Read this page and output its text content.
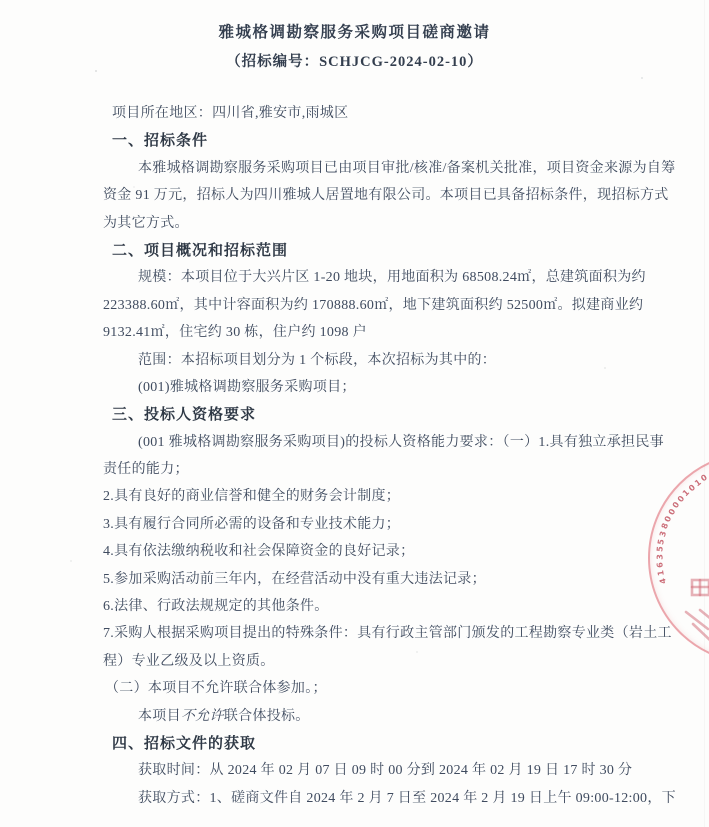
雅城格调勘察服务采购项目磋商邀请
（招标编号：SCHJCG-2024-02-10）
项目所在地区：四川省,雅安市,雨城区
一、招标条件
本雅城格调勘察服务采购项目已由项目审批/核准/备案机关批准，项目资金来源为自筹
资金 91 万元，招标人为四川雅城人居置地有限公司。本项目已具备招标条件，现招标方式
为其它方式。
二、项目概况和招标范围
规模：本项目位于大兴片区 1-20 地块，用地面积为 68508.24㎡，总建筑面积为约
223388.60㎡，其中计容面积为约 170888.60㎡，地下建筑面积约 52500㎡。拟建商业约
9132.41㎡，住宅约 30 栋，住户约 1098 户
范围：本招标项目划分为 1 个标段，本次招标为其中的：
(001)雅城格调勘察服务采购项目；
三、投标人资格要求
(001 雅城格调勘察服务采购项目)的投标人资格能力要求：（一）1.具有独立承担民事
责任的能力；
2.具有良好的商业信誉和健全的财务会计制度；
3.具有履行合同所必需的设备和专业技术能力；
4.具有依法缴纳税收和社会保障资金的良好记录；
5.参加采购活动前三年内，在经营活动中没有重大违法记录；
6.法律、行政法规规定的其他条件。
7.采购人根据采购项目提出的特殊条件：具有行政主管部门颁发的工程勘察专业类（岩土工
程）专业乙级及以上资质。
（二）本项目不允许联合体参加。；
本项目不允许联合体投标。
四、招标文件的获取
获取时间：从 2024 年 02 月 07 日 09 时 00 分到 2024 年 02 月 19 日 17 时 30 分
获取方式：1、磋商文件自 2024 年 2 月 7 日至 2024 年 2 月 19 日上午 09:00-12:00，下
0
1
0
1
0
0
0
0
8
3
5
5
3
6
1
4
